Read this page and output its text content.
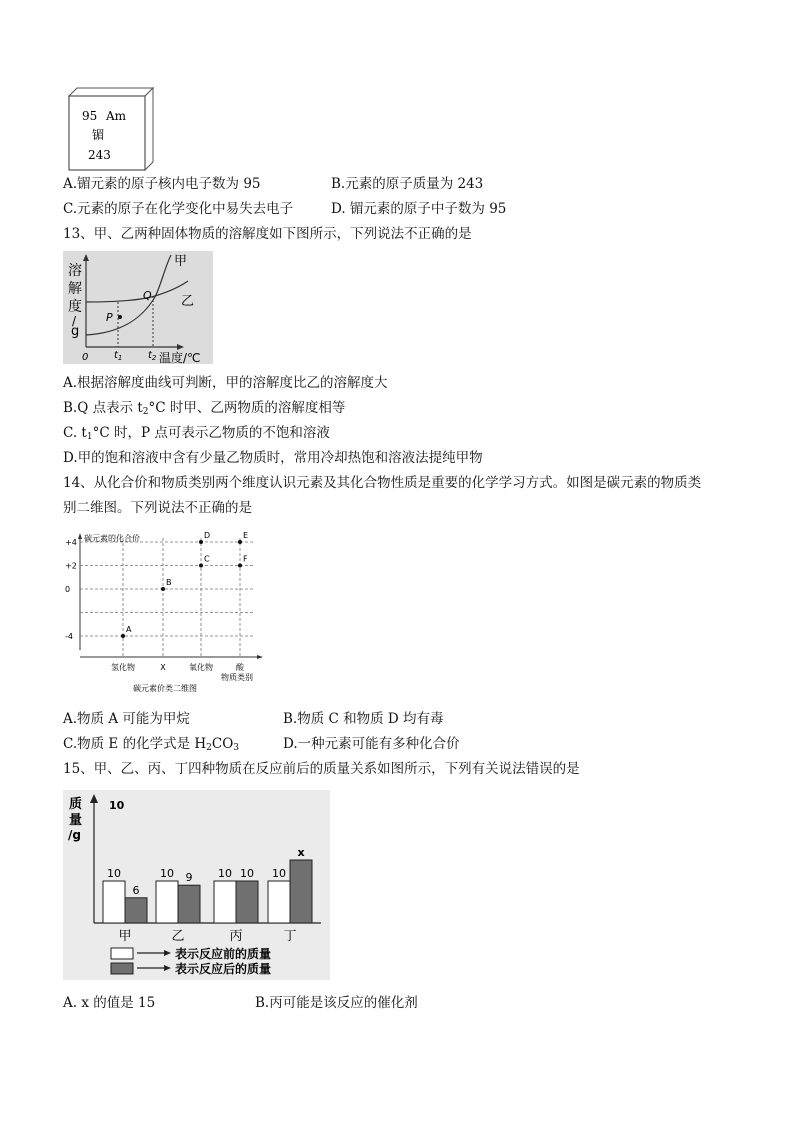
95 Am
镅
243
A.镅元素的原子核内电子数为 95	B.元素的原子质量为 243
C.元素的原子在化学变化中易失去电子	D. 镅元素的原子中子数为 95
13、甲、乙两种固体物质的溶解度如下图所示，下列说法不正确的是
溶
解
度
/
g
P
Q
甲
乙
0	$t_1$	$t_2$ 温度/℃
A.根据溶解度曲线可判断，甲的溶解度比乙的溶解度大
B.Q 点表示 $t_2^\circ C$ 时甲、乙两物质的溶解度相等
C. $t_1^\circ C$ 时，P 点可表示乙物质的不饱和溶液
D.甲的饱和溶液中含有少量乙物质时，常用冷却热饱和溶液法提纯甲物
14、从化合价和物质类别两个维度认识元素及其化合物性质是重要的化学学习方式。如图是碳元素的物质类
别二维图。下列说法不正确的是
碳元素的化合价
+4
+2
0
-4
氢化物	X	氧化物	酸
A
B
C
D	E
F
物质类别
碳元素价类二维图
A.物质 A 可能为甲烷	B.物质 C 和物质 D 均有毒
C.物质 E 的化学式是 $H_2CO_3$	D.一种元素可能有多种化合价
15、甲、乙、丙、丁四种物质在反应前后的质量关系如图所示，下列有关说法错误的是
质
量
/g
10
10
6
甲
10 9
乙
10 10
丙
10
x
丁
表示反应前的质量
表示反应后的质量
A. x 的值是 15	B.丙可能是该反应的催化剂
